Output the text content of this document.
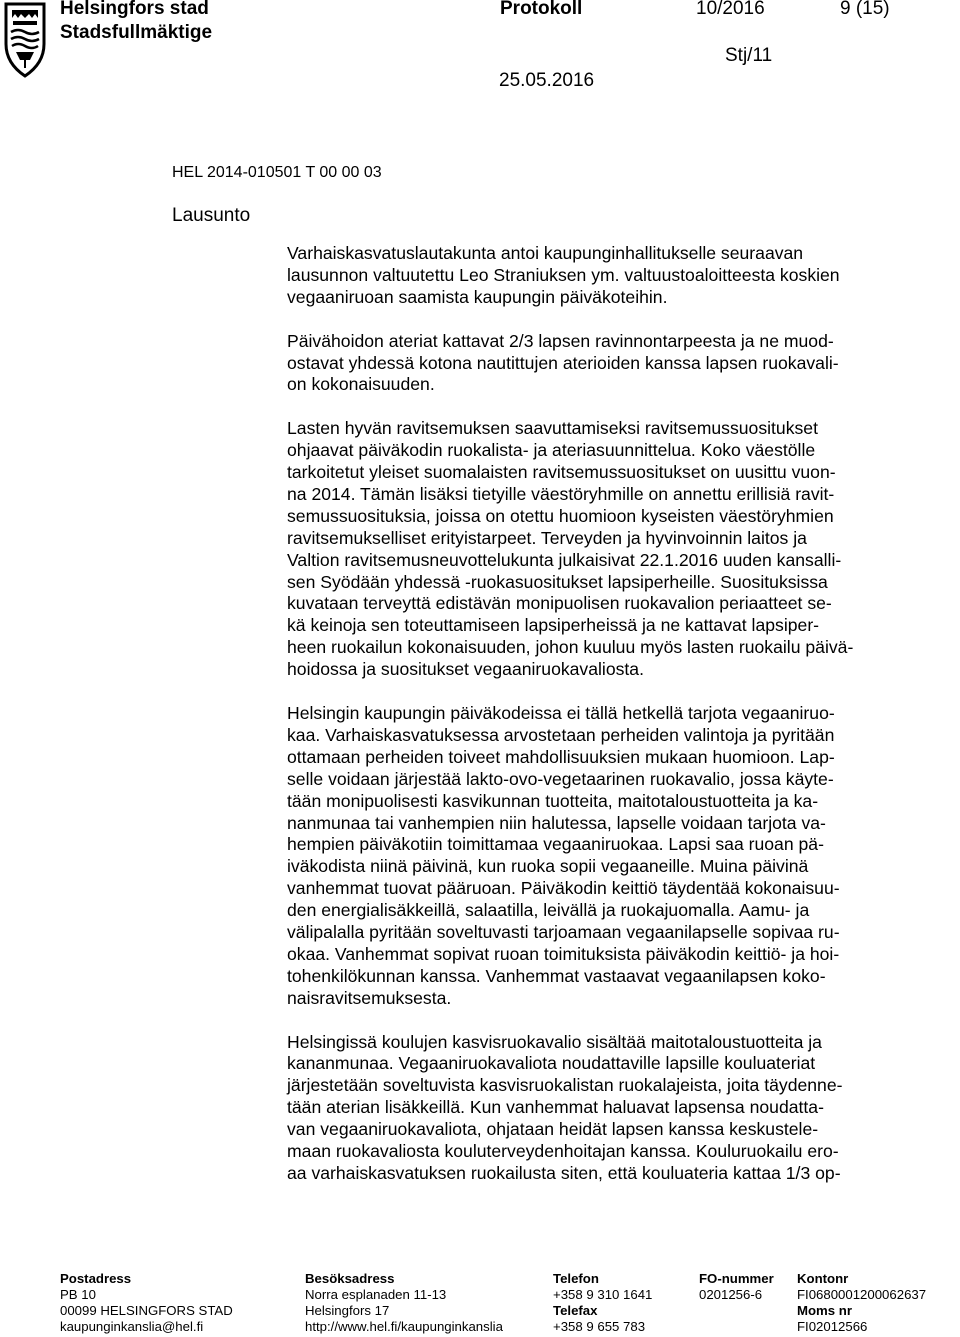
Helsingfors stad
Stadsfullmäktige
Protokoll	10/2016	9 (15)
Stj/11
25.05.2016
HEL 2014-010501 T 00 00 03
Lausunto

Varhaiskasvatuslautakunta antoi kaupunginhallitukselle seuraavan
lausunnon valtuutettu Leo Straniuksen ym. valtuustoaloitteesta koskien
vegaaniruoan saamista kaupungin päiväkoteihin.

Päivähoidon ateriat kattavat 2/3 lapsen ravinnontarpeesta ja ne muod-
ostavat yhdessä kotona nautittujen aterioiden kanssa lapsen ruokavali-
on kokonaisuuden.

Lasten hyvän ravitsemuksen saavuttamiseksi ravitsemussuositukset
ohjaavat päiväkodin ruokalista- ja ateriasuunnittelua. Koko väestölle
tarkoitetut yleiset suomalaisten ravitsemussuositukset on uusittu vuon-
na 2014. Tämän lisäksi tietyille väestöryhmille on annettu erillisiä ravit-
semussuosituksia, joissa on otettu huomioon kyseisten väestöryhmien
ravitsemukselliset erityistarpeet. Terveyden ja hyvinvoinnin laitos ja
Valtion ravitsemusneuvottelukunta julkaisivat 22.1.2016 uuden kansalli-
sen Syödään yhdessä -ruokasuositukset lapsiperheille. Suosituksissa
kuvataan terveyttä edistävän monipuolisen ruokavalion periaatteet se-
kä keinoja sen toteuttamiseen lapsiperheissä ja ne kattavat lapsiper-
heen ruokailun kokonaisuuden, johon kuuluu myös lasten ruokailu päivä-
hoidossa ja suositukset vegaaniruokavaliosta.

Helsingin kaupungin päiväkodeissa ei tällä hetkellä tarjota vegaaniruo-
kaa. Varhaiskasvatuksessa arvostetaan perheiden valintoja ja pyritään
ottamaan perheiden toiveet mahdollisuuksien mukaan huomioon. Lap-
selle voidaan järjestää lakto-ovo-vegetaarinen ruokavalio, jossa käyte-
tään monipuolisesti kasvikunnan tuotteita, maitotaloustuotteita ja ka-
nanmunaa tai vanhempien niin halutessa, lapselle voidaan tarjota va-
hempien päiväkotiin toimittamaa vegaaniruokaa. Lapsi saa ruoan pä-
iväkodista niinä päivinä, kun ruoka sopii vegaaneille. Muina päivinä
vanhemmat tuovat pääruoan. Päiväkodin keittiö täydentää kokonaisuu-
den energialisäkkeillä, salaatilla, leivällä ja ruokajuomalla. Aamu- ja
välipalalla pyritään soveltuvasti tarjoamaan vegaanilapselle sopivaa ru-
okaa. Vanhemmat sopivat ruoan toimituksista päiväkodin keittiö- ja hoi-
tohenkilökunnan kanssa. Vanhemmat vastaavat vegaanilapsen koko-
naisravitsemuksesta.

Helsingissä koulujen kasvisruokavalio sisältää maitotaloustuotteita ja
kananmunaa. Vegaaniruokavaliota noudattaville lapsille kouluateriat
järjestetään soveltuvista kasvisruokalistan ruokalajeista, joita täydenne-
tään aterian lisäkkeillä. Kun vanhemmat haluavat lapsensa noudatta-
van vegaaniruokavaliota, ohjataan heidät lapsen kanssa keskustele-
maan ruokavaliosta kouluterveydenhoitajan kanssa. Kouluruokailu ero-
aa varhaiskasvatuksen ruokailusta siten, että kouluateria kattaa 1/3 op-

Postadress
PB 10
00099 HELSINGFORS STAD
kaupunginkanslia@hel.fi
Besöksadress
Norra esplanaden 11-13
Helsingfors 17
http://www.hel.fi/kaupunginkanslia
Telefon
+358 9 310 1641
Telefax
+358 9 655 783
FO-nummer
0201256-6
Kontonr
FI0680001200062637
Moms nr
FI02012566
